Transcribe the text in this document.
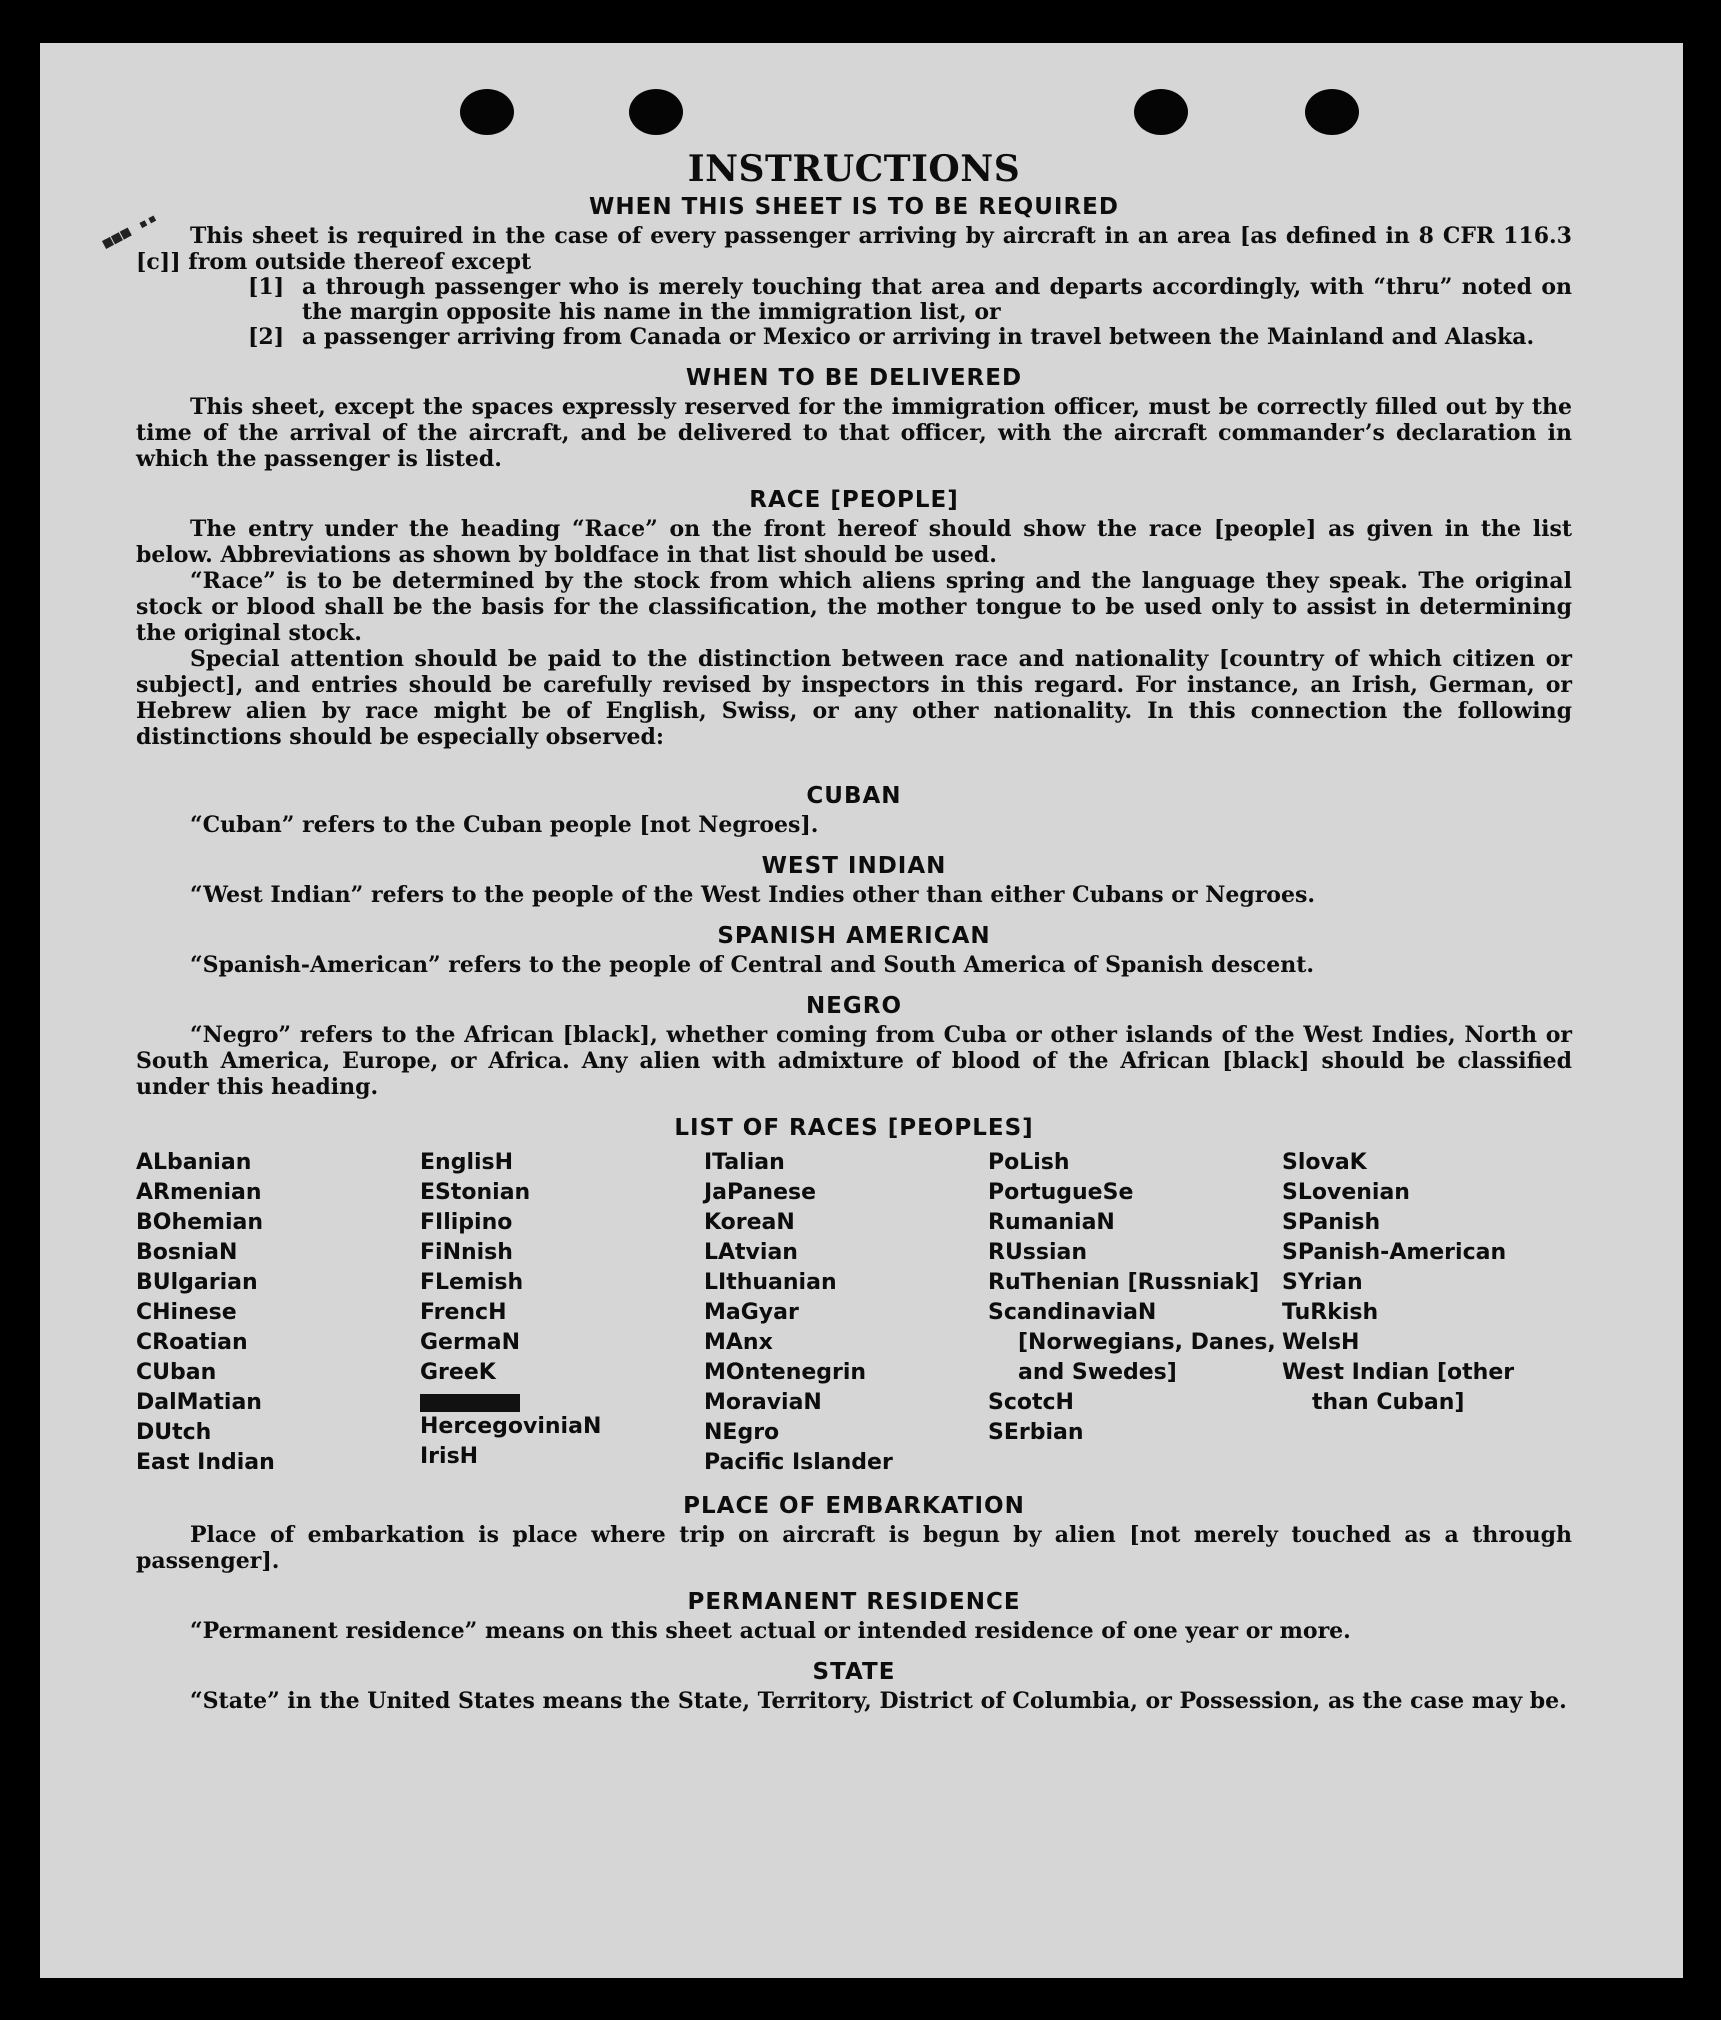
■■■ ▪▪
INSTRUCTIONS
WHEN THIS SHEET IS TO BE REQUIRED

This sheet is required in the case of every passenger arriving by aircraft in an area [as defined in 8 CFR 116.3 [c]] from outside thereof except

[1] a through passenger who is merely touching that area and departs accordingly, with “thru” noted on the margin opposite his name in the immigration list, or
[2] a passenger arriving from Canada or Mexico or arriving in travel between the Mainland and Alaska.
WHEN TO BE DELIVERED

This sheet, except the spaces expressly reserved for the immigration officer, must be correctly filled out by the time of the arrival of the aircraft, and be delivered to that officer, with the aircraft commander’s declaration in which the passenger is listed.

RACE [PEOPLE]

The entry under the heading “Race” on the front hereof should show the race [people] as given in the list below. Abbreviations as shown by boldface in that list should be used.

“Race” is to be determined by the stock from which aliens spring and the language they speak. The original stock or blood shall be the basis for the classification, the mother tongue to be used only to assist in determining the original stock.

Special attention should be paid to the distinction between race and nationality [country of which citizen or subject], and entries should be carefully revised by inspectors in this regard. For instance, an Irish, German, or Hebrew alien by race might be of English, Swiss, or any other nationality. In this connection the following distinctions should be especially observed:

CUBAN

“Cuban” refers to the Cuban people [not Negroes].

WEST INDIAN

“West Indian” refers to the people of the West Indies other than either Cubans or Negroes.

SPANISH AMERICAN

“Spanish-American” refers to the people of Central and South America of Spanish descent.

NEGRO

“Negro” refers to the African [black], whether coming from Cuba or other islands of the West Indies, North or South America, Europe, or Africa. Any alien with admixture of blood of the African [black] should be classified under this heading.

LIST OF RACES [PEOPLES]
ALbanian
ARmenian
BOhemian
BosniaN
BUlgarian
CHinese
CRoatian
CUban
DalMatian
DUtch
East Indian
EnglisH
EStonian
FIlipino
FiNnish
FLemish
FrencH
GermaN
GreeK
HercegoviniaN
IrisH
ITalian
JaPanese
KoreaN
LAtvian
LIthuanian
MaGyar
MAnx
MOntenegrin
MoraviaN
NEgro
Pacific Islander
PoLish
PortugueSe
RumaniaN
RUssian
RuThenian [Russniak]
ScandinaviaN [Norwegians, Danes, and Swedes]
ScotcH
SErbian
SlovaK
SLovenian
SPanish
SPanish-American
SYrian
TuRkish
WelsH
West Indian [other than Cuban]
PLACE OF EMBARKATION

Place of embarkation is place where trip on aircraft is begun by alien [not merely touched as a through passenger].

PERMANENT RESIDENCE

“Permanent residence” means on this sheet actual or intended residence of one year or more.

STATE

“State” in the United States means the State, Territory, District of Columbia, or Possession, as the case may be.
